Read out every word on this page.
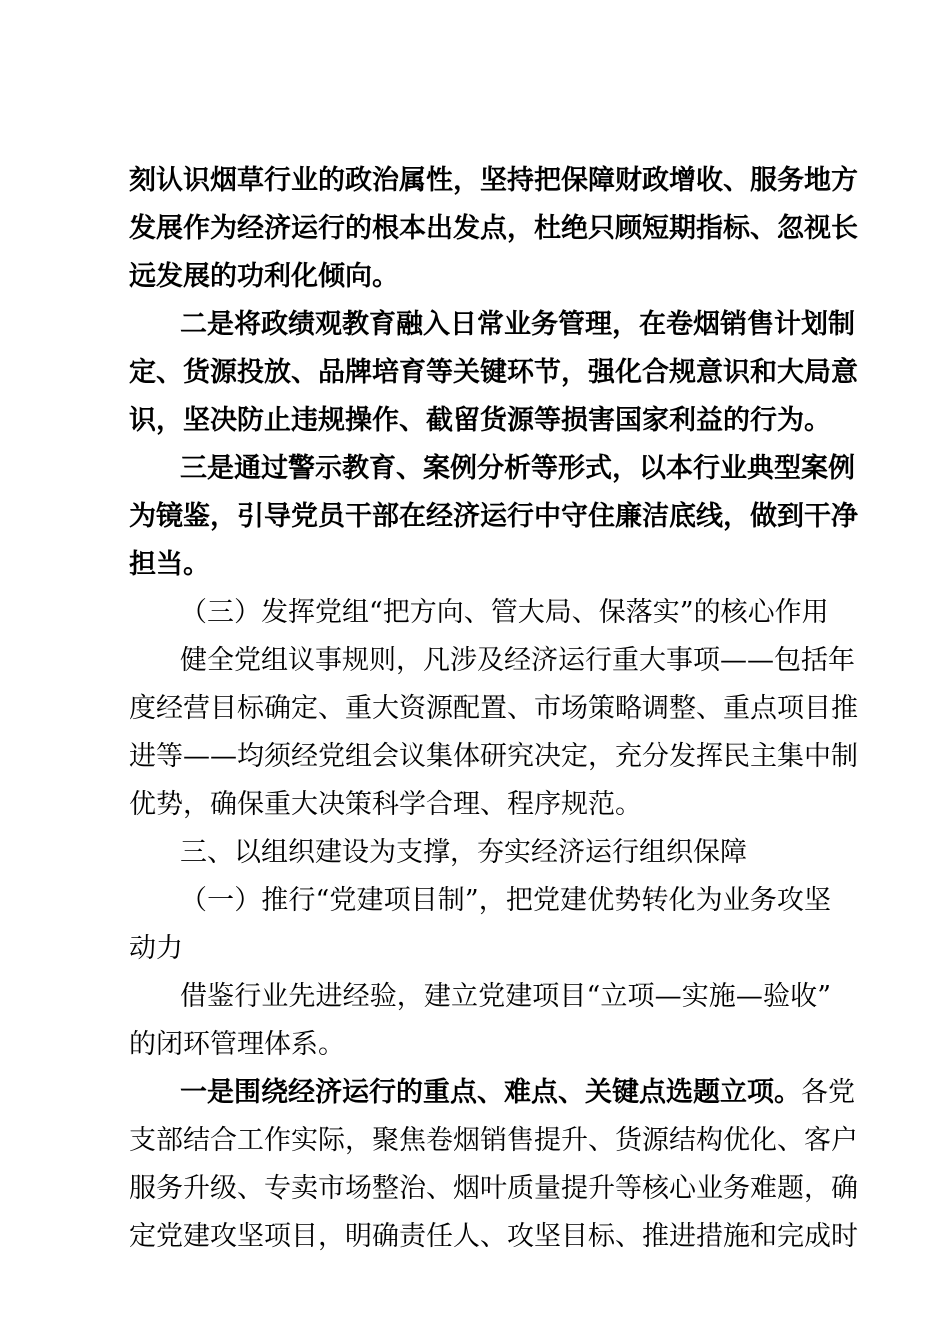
刻认识烟草行业的政治属性，坚持把保障财政增收、服务地方
发展作为经济运行的根本出发点，杜绝只顾短期指标、忽视长
远发展的功利化倾向。
二是将政绩观教育融入日常业务管理，在卷烟销售计划制
定、货源投放、品牌培育等关键环节，强化合规意识和大局意
识，坚决防止违规操作、截留货源等损害国家利益的行为。
三是通过警示教育、案例分析等形式，以本行业典型案例
为镜鉴，引导党员干部在经济运行中守住廉洁底线，做到干净
担当。
（三）发挥党组“把方向、管大局、保落实”的核心作用
健全党组议事规则，凡涉及经济运行重大事项——包括年
度经营目标确定、重大资源配置、市场策略调整、重点项目推
进等——均须经党组会议集体研究决定，充分发挥民主集中制
优势，确保重大决策科学合理、程序规范。
三、以组织建设为支撑，夯实经济运行组织保障
（一）推行“党建项目制”，把党建优势转化为业务攻坚
动力
借鉴行业先进经验，建立党建项目“立项—实施—验收”
的闭环管理体系。
一是围绕经济运行的重点、难点、关键点选题立项。各党
支部结合工作实际，聚焦卷烟销售提升、货源结构优化、客户
服务升级、专卖市场整治、烟叶质量提升等核心业务难题，确
定党建攻坚项目，明确责任人、攻坚目标、推进措施和完成时
